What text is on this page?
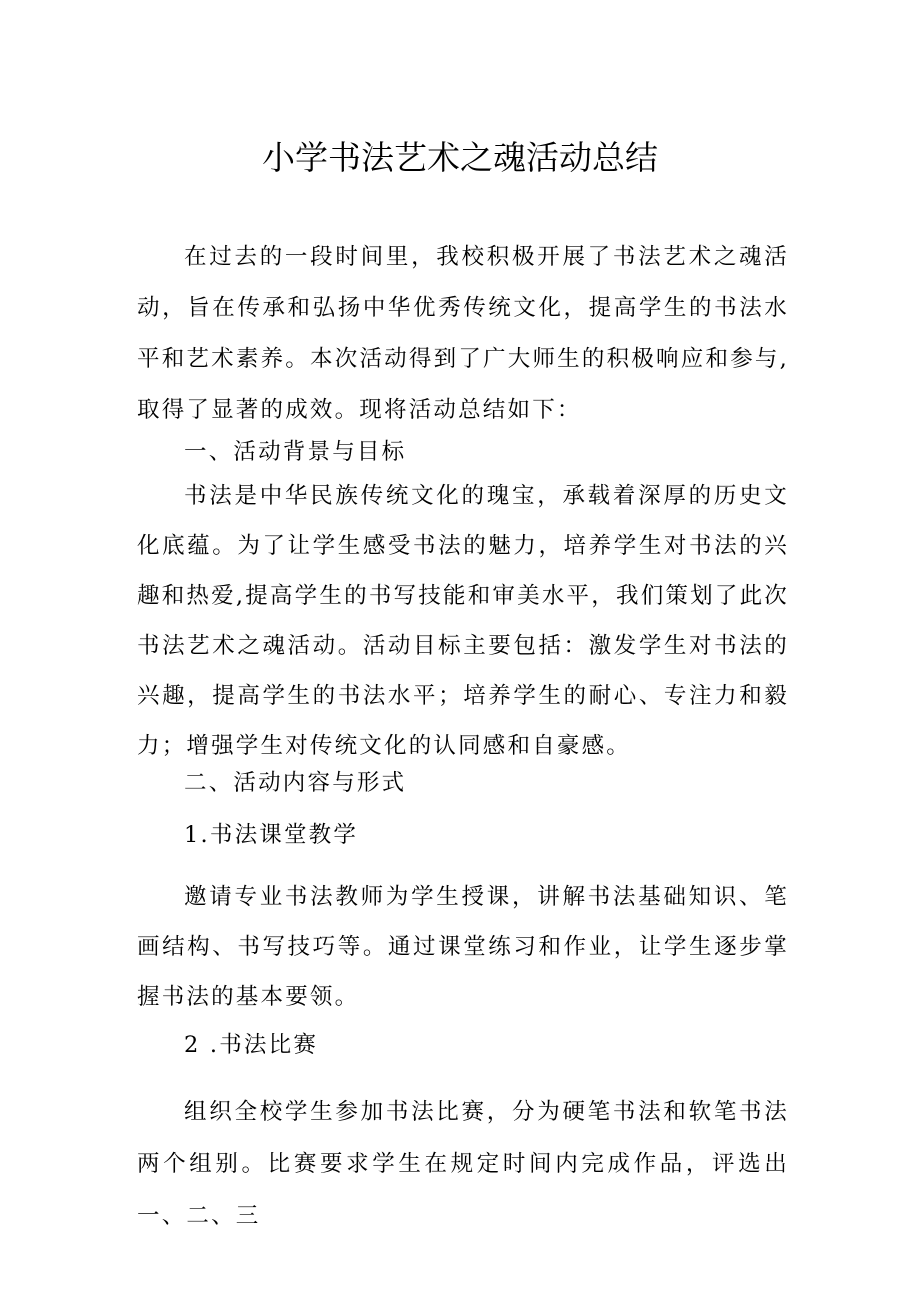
小学书法艺术之魂活动总结

在过去的一段时间里，我校积极开展了书法艺术之魂活动，旨在传承和弘扬中华优秀传统文化，提高学生的书法水平和艺术素养。本次活动得到了广大师生的积极响应和参与,取得了显著的成效。现将活动总结如下：

一、活动背景与目标

书法是中华民族传统文化的瑰宝，承载着深厚的历史文化底蕴。为了让学生感受书法的魅力，培养学生对书法的兴趣和热爱,提高学生的书写技能和审美水平，我们策划了此次书法艺术之魂活动。活动目标主要包括：激发学生对书法的兴趣，提高学生的书法水平；培养学生的耐心、专注力和毅力；增强学生对传统文化的认同感和自豪感。

二、活动内容与形式

1.书法课堂教学

邀请专业书法教师为学生授课，讲解书法基础知识、笔画结构、书写技巧等。通过课堂练习和作业，让学生逐步掌握书法的基本要领。

2 .书法比赛

组织全校学生参加书法比赛，分为硬笔书法和软笔书法两个组别。比赛要求学生在规定时间内完成作品，评选出一、二、三
